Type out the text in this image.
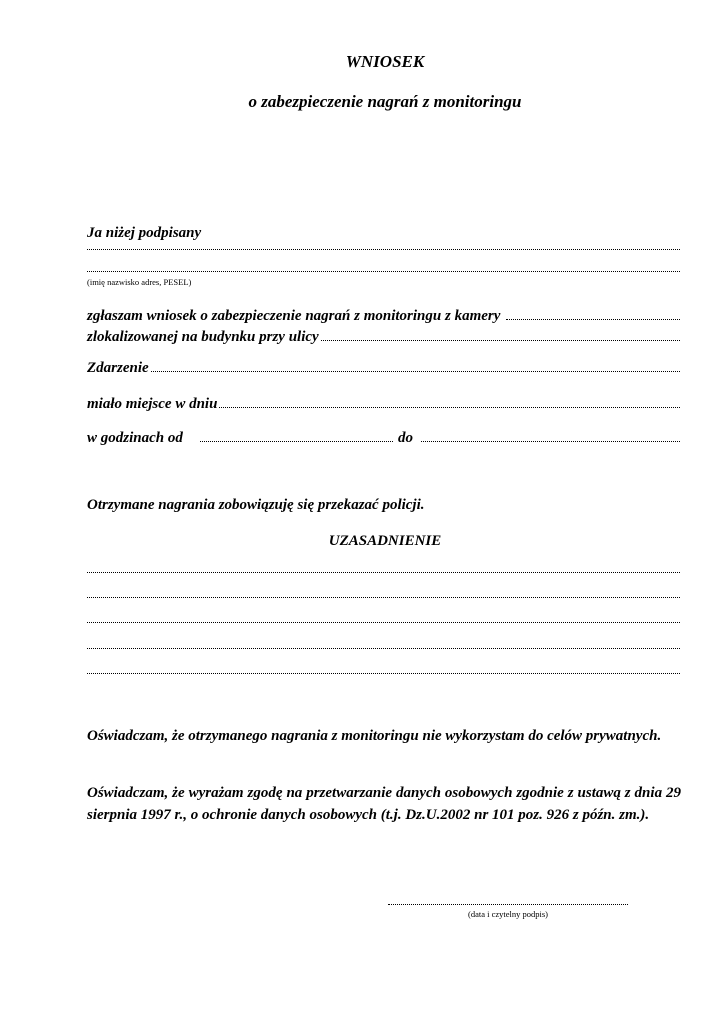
WNIOSEK
o zabezpieczenie nagrań z monitoringu
Ja niżej podpisany
(imię nazwisko adres, PESEL)
zgłaszam wniosek o zabezpieczenie nagrań z monitoringu z kamery
zlokalizowanej na budynku przy ulicy
Zdarzenie
miało miejsce w dniu
w godzinach od	do
Otrzymane nagrania zobowiązuję się przekazać policji.
UZASADNIENIE
Oświadczam, że otrzymanego nagrania z monitoringu nie wykorzystam do celów prywatnych.
Oświadczam, że wyrażam zgodę na przetwarzanie danych osobowych zgodnie z ustawą z dnia 29 sierpnia 1997 r., o ochronie danych osobowych (t.j. Dz.U.2002 nr 101 poz. 926 z późn. zm.).
(data i czytelny podpis)
